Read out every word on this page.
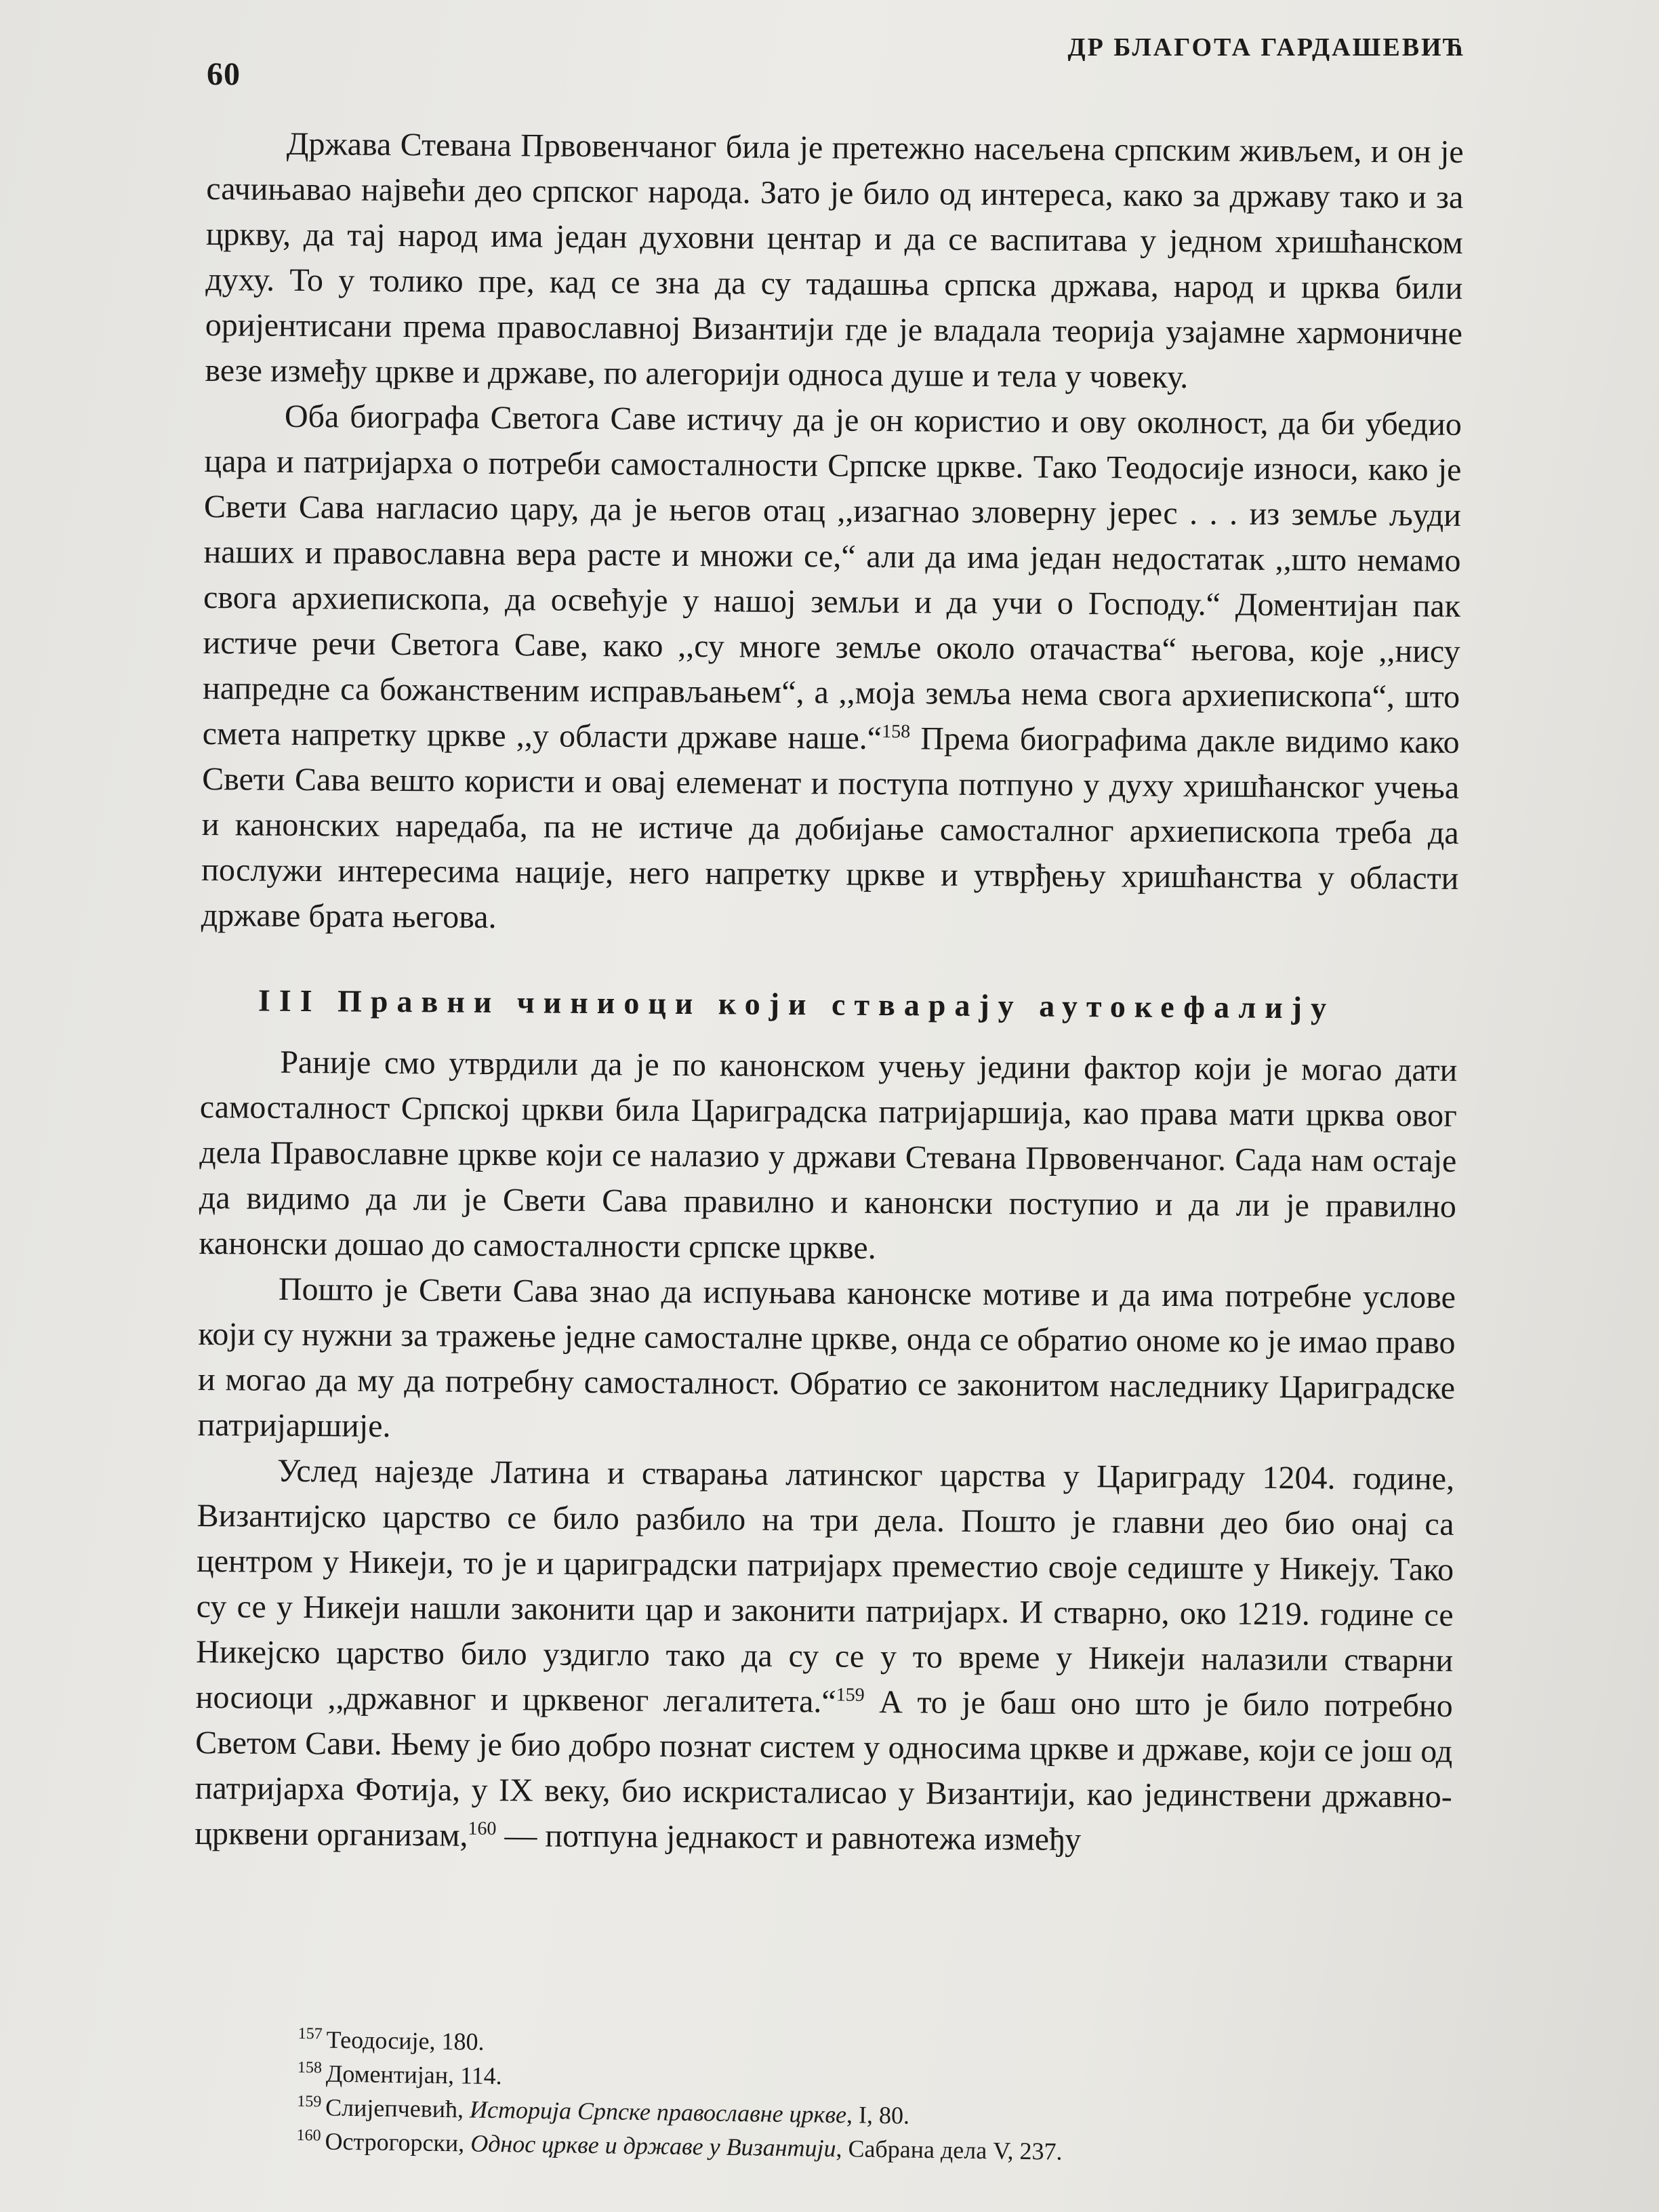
60
ДР БЛАГОТА ГАРДАШЕВИЋ

Држава Стевана Првовенчаног била је претежно насељена српским живљем, и он је сачињавао највећи део српског народа. Зато је било од интереса, како за државу тако и за цркву, да тај народ има један духовни центар и да се васпитава у једном хришћанском духу. То у толико пре, кад се зна да су тадашња српска држава, народ и црква били оријентисани према православној Византији где је владала теорија узајамне хармоничне везе између цркве и државе, по алегорији односа душе и тела у човеку.

Оба биографа Светога Саве истичу да је он користио и ову околност, да би убедио цара и патријарха о потреби самосталности Српске цркве. Тако Теодосије износи, како је Свети Сава нагласио цару, да је његов отац ,,изагнао зловерну јерес . . . из земље људи наших и православна вера расте и множи се,“ али да има један недостатак ,,што немамо свога архиепископа, да освећује у нашој земљи и да учи о Господу.“ Доментијан пак истиче речи Светога Саве, како ,,су многе земље около отачаства“ његова, које ,,нису напредне са божанственим исправљањем“, а ,,моја земља нема свога архиепископа“, што смета напретку цркве ,,у области државе наше.“$^{158}$ Према биографима дакле видимо како Свети Сава вешто користи и овај елеменат и поступа потпуно у духу хришћанског учења и канонских наредаба, па не истиче да добијање самосталног архиепископа треба да послужи интересима нације, него напретку цркве и утврђењу хришћанства у области државе брата његова.

III Правни чиниоци који стварају аутокефалију

Раније смо утврдили да је по канонском учењу једини фактор који је могао дати самосталност Српској цркви била Цариградска патријаршија, као права мати црква овог дела Православне цркве који се налазио у држави Стевана Првовенчаног. Сада нам остаје да видимо да ли је Свети Сава правилно и канонски поступио и да ли је правилно канонски дошао до самосталности српске цркве.

Пошто је Свети Сава знао да испуњава канонске мотиве и да има потребне услове који су нужни за тражење једне самосталне цркве, онда се обратио ономе ко је имао право и могао да му да потребну самосталност. Обратио се законитом наследнику Цариградске патријаршије.

Услед најезде Латина и стварања латинског царства у Цариграду 1204. године, Византијско царство се било разбило на три дела. Пошто је главни део био онај са центром у Никеји, то је и цариградски патријарх преместио своје седиште у Никеју. Тако су се у Никеји нашли законити цар и законити патријарх. И стварно, око 1219. године се Никејско царство било уздигло тако да су се у то време у Никеји налазили стварни носиоци ,,државног и црквеног легалитета.“$^{159}$ А то је баш оно што је било потребно Светом Сави. Њему је био добро познат систем у односима цркве и државе, који се још од патријарха Фотија, у IX веку, био искристалисао у Византији, као јединствени државно-црквени организам,$^{160}$ — потпуна једнакост и равнотежа између

$^{157}$ Теодосије, 180.

$^{158}$ Доментијан, 114.

$^{159}$ Слијепчевић, Историја Српске православне цркве, I, 80.

$^{160}$ Острогорски, Однос цркве и државе у Византији, Сабрана дела V, 237.
